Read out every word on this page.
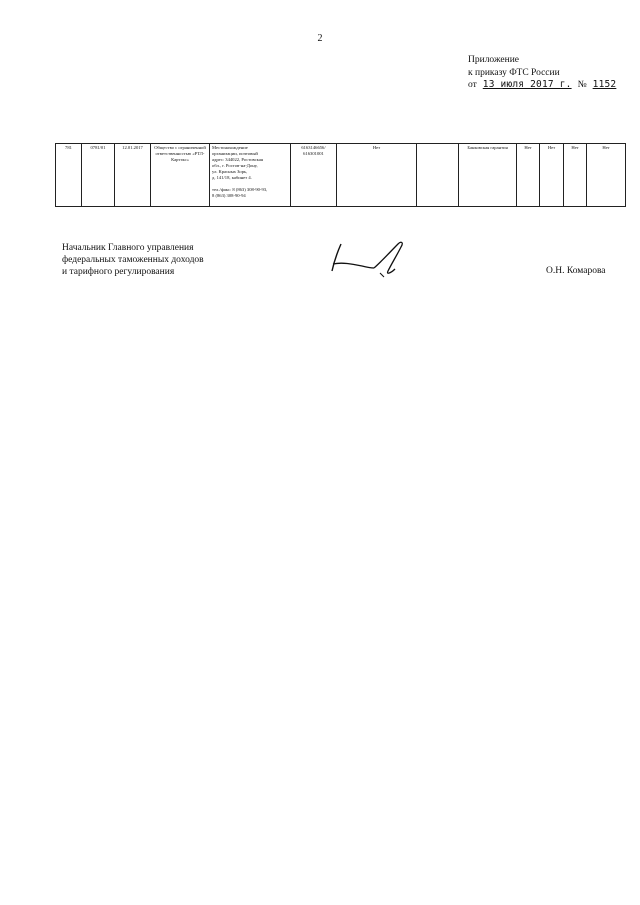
2
Приложение
к приказу ФТС России
от 13 июля 2017 г. № 1152
781	0781/01	12.01.2017	Общество с ограниченной ответственностью «РТЛ-Картэкс»	
Местонахождение
организации, почтовый
адрес: 344022, Ростовская
обл., г. Ростов-на-Дону,
ул. Красных Зорь,
д. 141/18, кабинет 4.
тел./факс: 8 (863) 308-90-93,
8 (863) 308-90-94
	6163146656/ 616301001	Нет		Банковская гарантия	Нет	Нет	Нет	Нет
Начальник Главного управления
федеральных таможенных доходов
и тарифного регулирования	О.Н. Комарова
